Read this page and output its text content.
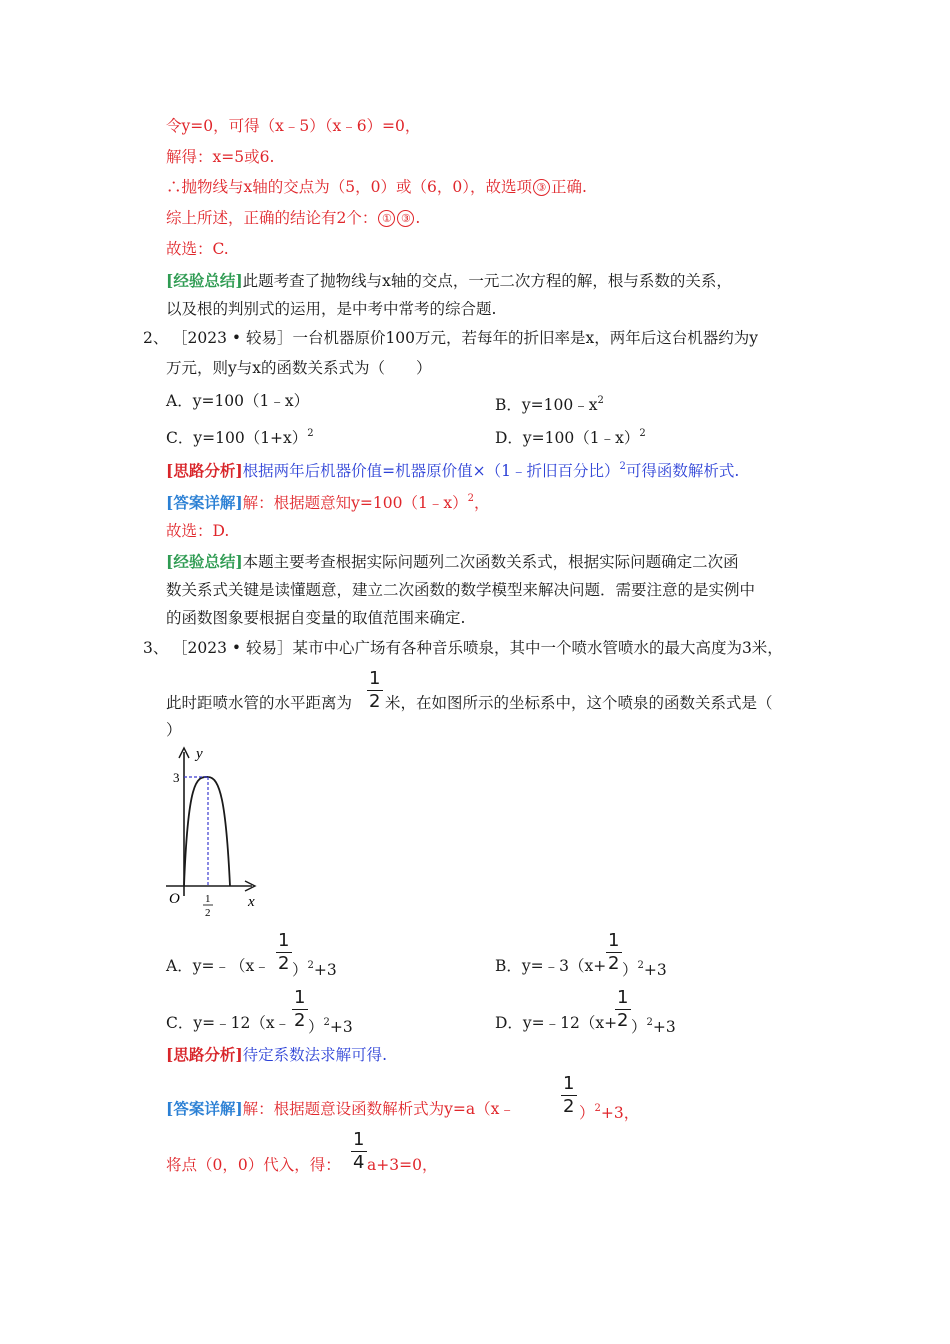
令y=0，可得（x﹣5）（x﹣6）=0，
解得：x=5或6.
∴抛物线与x轴的交点为（5，0）或（6，0），故选项 ③ 正确.
综上所述，正确的结论有2个： ① ③ .
故选：C.
[经验总结]此题考查了抛物线与x轴的交点，一元二次方程的解，根与系数的关系，
以及根的判别式的运用，是中考中常考的综合题.
2、 ［2023 • 较易］一台机器原价100万元，若每年的折旧率是x，两年后这台机器约为y
万元，则y与x的函数关系式为（　　）
A．y=100（1﹣x）	B．$y=100﹣x^2$
C．$y=100(1+x)^2$	D．y=100（1﹣x）$^2$
[思路分析]根据两年后机器价值=机器原价值×（1﹣折旧百分比）$^2$可得函数解析式.
[答案详解]解：根据题意知y=100（1﹣x）$^2$，
故选：D.
[经验总结]本题主要考查根据实际问题列二次函数关系式，根据实际问题确定二次函
数关系式关键是读懂题意，建立二次函数的数学模型来解决问题．需要注意的是实例中
的函数图象要根据自变量的取值范围来确定.
3、 ［2023 • 较易］某市中心广场有各种音乐喷泉，其中一个喷水管喷水的最大高度为3米，
此时距喷水管的水平距离为
1
2 米，在如图所示的坐标系中，这个喷泉的函数关系式是（
）
y
x
O
3
1
2
A．y=﹣（x﹣
1
2 ）$^2$+3	B．y=﹣3（x+
1
2 ）$^2$+3
C．y=﹣12（x﹣
1
2 ）$^2$+3	D．y=﹣12（x+
1
2 ）$^2$+3
[思路分析]待定系数法求解可得.
[答案详解]解：根据题意设函数解析式为y=a（x﹣
1
2 ）$^2$+3，
将点（0，0）代入，得：
1
4 a+3=0，
